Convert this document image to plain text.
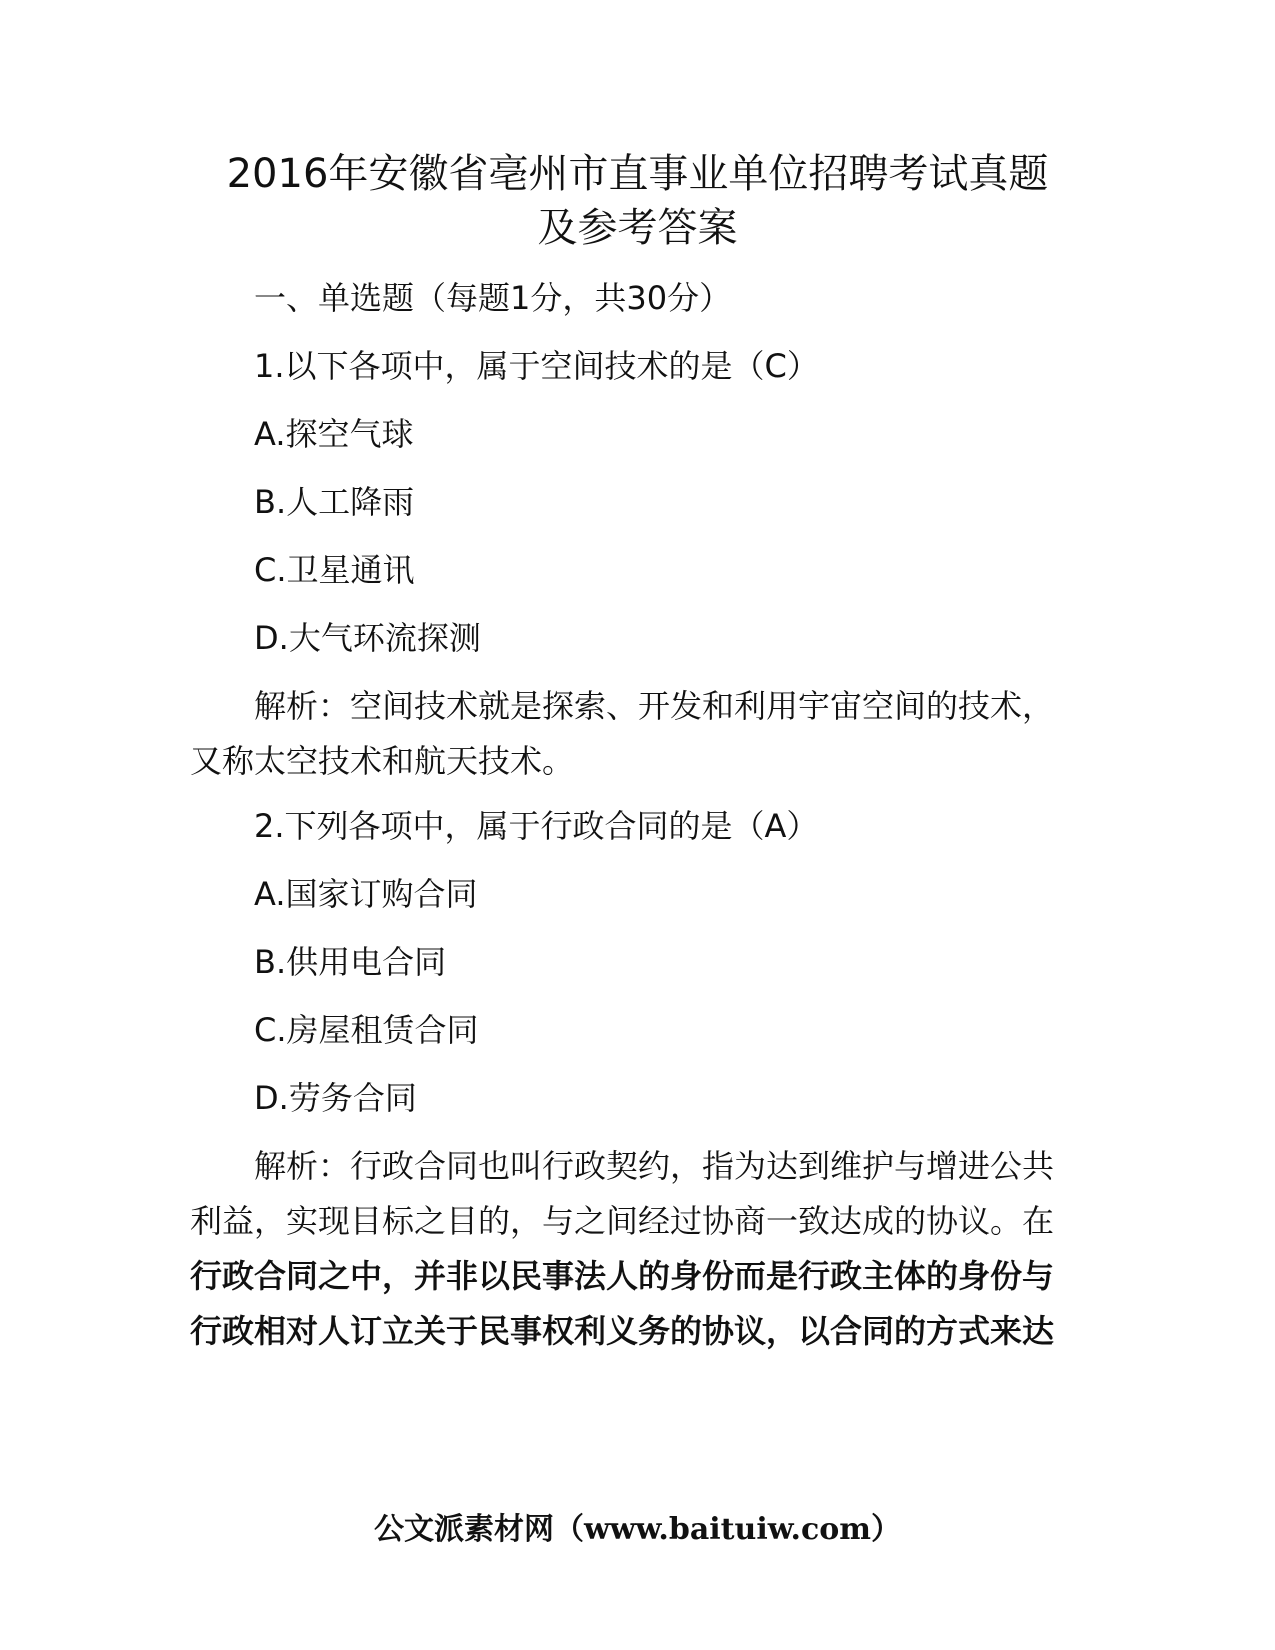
2016年安徽省亳州市直事业单位招聘考试真题
及参考答案

一、单选题（每题1分，共30分）

1.以下各项中，属于空间技术的是（C）

A.探空气球

B.人工降雨

C.卫星通讯

D.大气环流探测

解析：空间技术就是探索、开发和利用宇宙空间的技术，

又称太空技术和航天技术。

2.下列各项中，属于行政合同的是（A）

A.国家订购合同

B.供用电合同

C.房屋租赁合同

D.劳务合同

解析：行政合同也叫行政契约，指为达到维护与增进公共

利益，实现目标之目的，与之间经过协商一致达成的协议。在

行政合同之中，并非以民事法人的身份而是行政主体的身份与

行政相对人订立关于民事权利义务的协议，以合同的方式来达

公文派素材网（www.baituiw.com）
